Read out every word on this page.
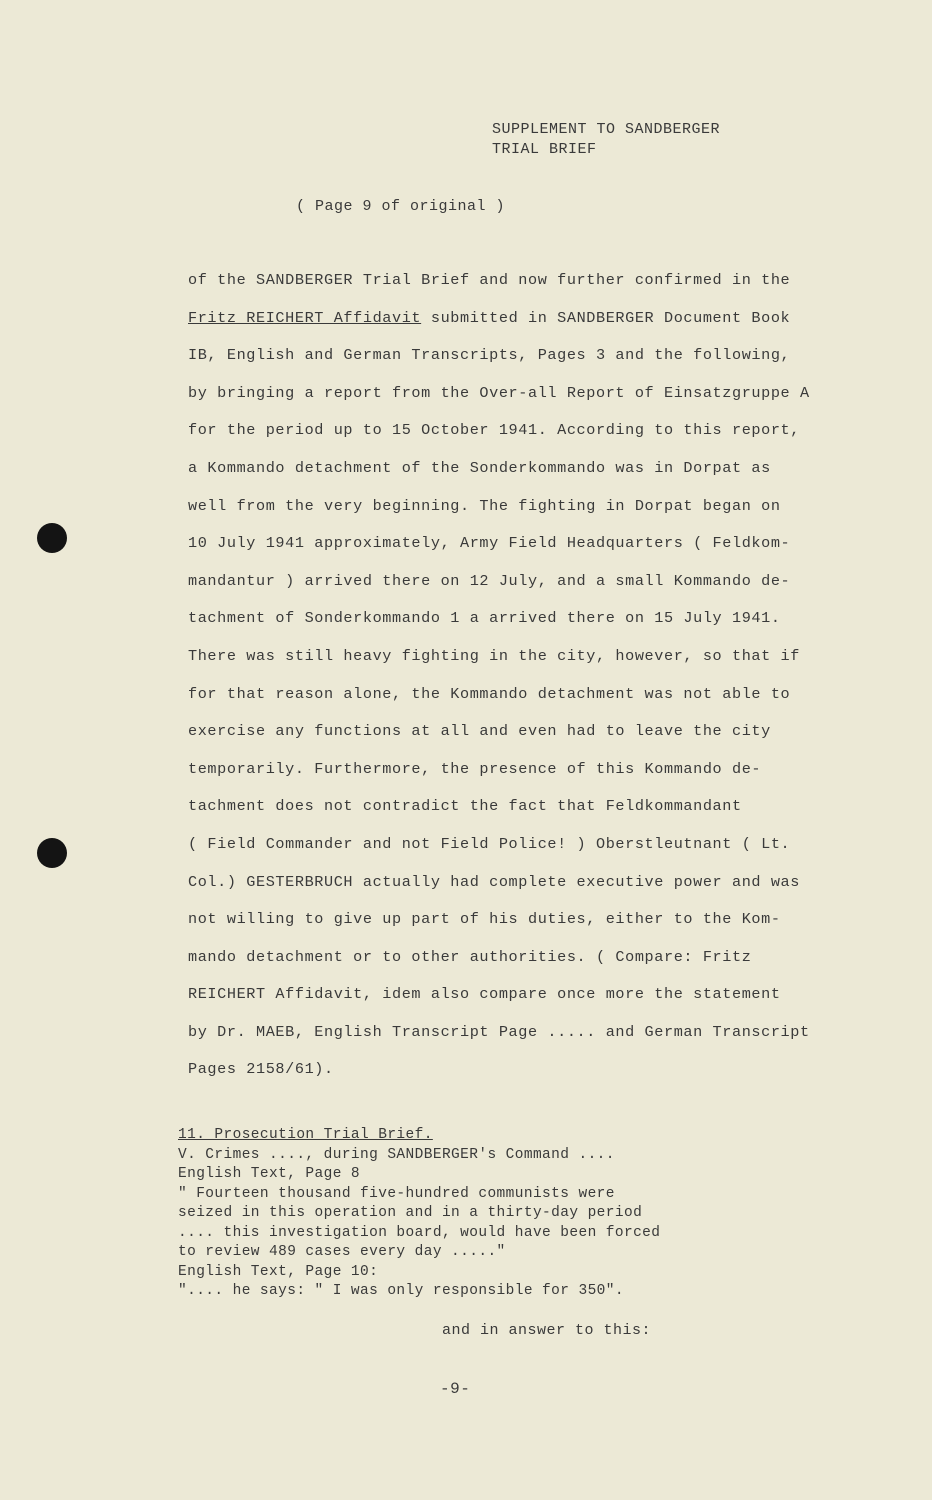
SUPPLEMENT TO SANDBERGER
TRIAL BRIEF
( Page 9 of original )
of the SANDBERGER Trial Brief and now further confirmed in the
Fritz REICHERT Affidavit submitted in SANDBERGER Document Book
IB, English and German Transcripts, Pages 3 and the following,
by bringing a report from the Over-all Report of Einsatzgruppe A
for the period up to 15 October 1941. According to this report,
a Kommando detachment of the Sonderkommando was in Dorpat as
well from the very beginning. The fighting in Dorpat began on
10 July 1941 approximately, Army Field Headquarters ( Feldkom-
mandantur ) arrived there on 12 July, and a small Kommando de-
tachment of Sonderkommando 1 a arrived there on 15 July 1941.
There was still heavy fighting in the city, however, so that if
for that reason alone, the Kommando detachment was not able to
exercise any functions at all and even had to leave the city
temporarily. Furthermore, the presence of this Kommando de-
tachment does not contradict the fact that Feldkommandant
( Field Commander and not Field Police! ) Oberstleutnant ( Lt.
Col.) GESTERBRUCH actually had complete executive power and was
not willing to give up part of his duties, either to the Kom-
mando detachment or to other authorities. ( Compare: Fritz
REICHERT Affidavit, idem also compare once more the statement
by Dr. MAEB, English Transcript Page ..... and German Transcript
Pages 2158/61).
11. Prosecution Trial Brief.
V. Crimes ...., during SANDBERGER's Command ....
English Text, Page 8
" Fourteen thousand five-hundred communists were
seized in this operation and in a thirty-day period
.... this investigation board, would have been forced
to review 489 cases every day ....."
English Text, Page 10:
".... he says: " I was only responsible for 350".
and in answer to this:
-9-
